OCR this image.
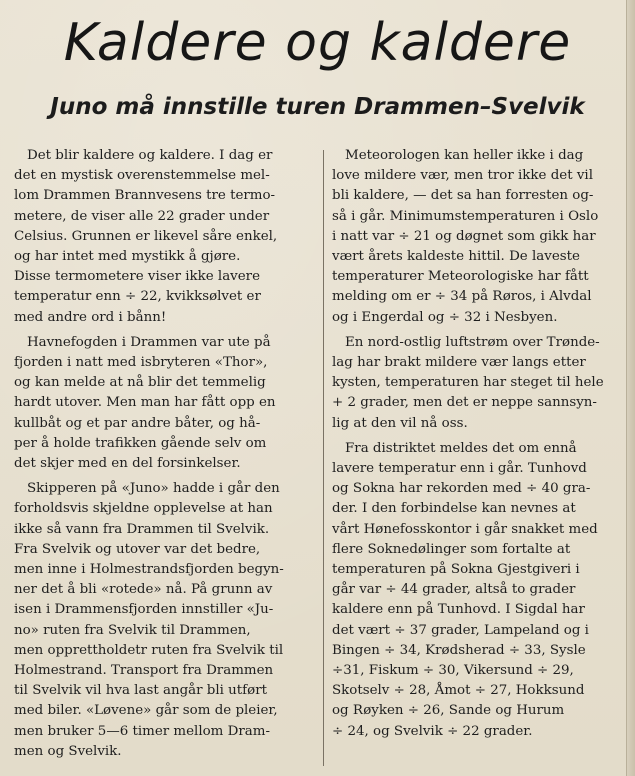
Kaldere og kaldere
Juno må innstille turen Drammen–Svelvik
Det blir kaldere og kaldere. I dag er
det en mystisk overenstemmelse mel-
lom Drammen Brannvesens tre termo-
metere, de viser alle 22 grader under
Celsius. Grunnen er likevel såre enkel,
og har intet med mystikk å gjøre.
Disse termometere viser ikke lavere
temperatur enn ÷ 22, kvikksølvet er
med andre ord i bånn!
Havnefogden i Drammen var ute på
fjorden i natt med isbryteren «Thor»,
og kan melde at nå blir det temmelig
hardt utover. Men man har fått opp en
kullbåt og et par andre båter, og hå-
per å holde trafikken gående selv om
det skjer med en del forsinkelser.
Skipperen på «Juno» hadde i går den
forholdsvis skjeldne opplevelse at han
ikke så vann fra Drammen til Svelvik.
Fra Svelvik og utover var det bedre,
men inne i Holmestrandsfjorden begyn-
ner det å bli «rotede» nå. På grunn av
isen i Drammensfjorden innstiller «Ju-
no» ruten fra Svelvik til Drammen,
men opprettholdetr ruten fra Svelvik til
Holmestrand. Transport fra Drammen
til Svelvik vil hva last angår bli utført
med biler. «Løvene» går som de pleier,
men bruker 5—6 timer mellom Dram-
men og Svelvik.
Meteorologen kan heller ikke i dag
love mildere vær, men tror ikke det vil
bli kaldere, — det sa han forresten og-
så i går. Minimumstemperaturen i Oslo
i natt var ÷ 21 og døgnet som gikk har
vært årets kaldeste hittil. De laveste
temperaturer Meteorologiske har fått
melding om er ÷ 34 på Røros, i Alvdal
og i Engerdal og ÷ 32 i Nesbyen.
En nord-ostlig luftstrøm over Trønde-
lag har brakt mildere vær langs etter
kysten, temperaturen har steget til hele
+ 2 grader, men det er neppe sannsyn-
lig at den vil nå oss.
Fra distriktet meldes det om ennå
lavere temperatur enn i går. Tunhovd
og Sokna har rekorden med ÷ 40 gra-
der. I den forbindelse kan nevnes at
vårt Hønefosskontor i går snakket med
flere Soknedølinger som fortalte at
temperaturen på Sokna Gjestgiveri i
går var ÷ 44 grader, altså to grader
kaldere enn på Tunhovd. I Sigdal har
det vært ÷ 37 grader, Lampeland og i
Bingen ÷ 34, Krødsherad ÷ 33, Sysle
÷31, Fiskum ÷ 30, Vikersund ÷ 29,
Skotselv ÷ 28, Åmot ÷ 27, Hokksund
og Røyken ÷ 26, Sande og Hurum
÷ 24, og Svelvik ÷ 22 grader.
